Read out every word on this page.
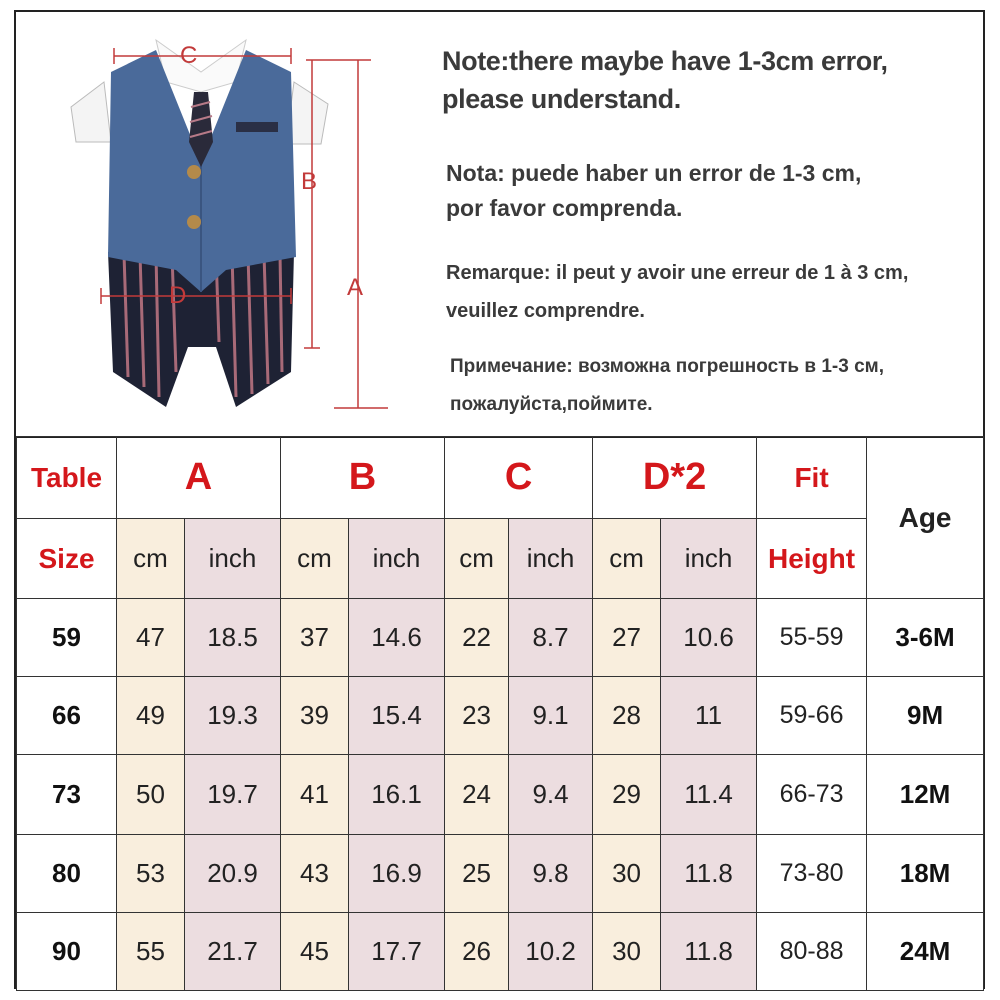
C
B
A
D
Note:there maybe have 1-3cm error,
please understand.
Nota: puede haber un error de 1-3 cm,
por favor comprenda.
Remarque: il peut y avoir une erreur de 1 à 3 cm,
veuillez comprendre.
Примечание: возможна погрешность в 1-3 см,
пожалуйста,поймите.
Table	A		B		C		D*2		Fit	Age
Size	cm	inch	cm	inch	cm	inch	cm	inch	Height	
59	47	18.5	37	14.6	22	8.7	27	10.6	55-59	3-6M
66	49	19.3	39	15.4	23	9.1	28	11	59-66	9M
73	50	19.7	41	16.1	24	9.4	29	11.4	66-73	12M
80	53	20.9	43	16.9	25	9.8	30	11.8	73-80	18M
90	55	21.7	45	17.7	26	10.2	30	11.8	80-88	24M
